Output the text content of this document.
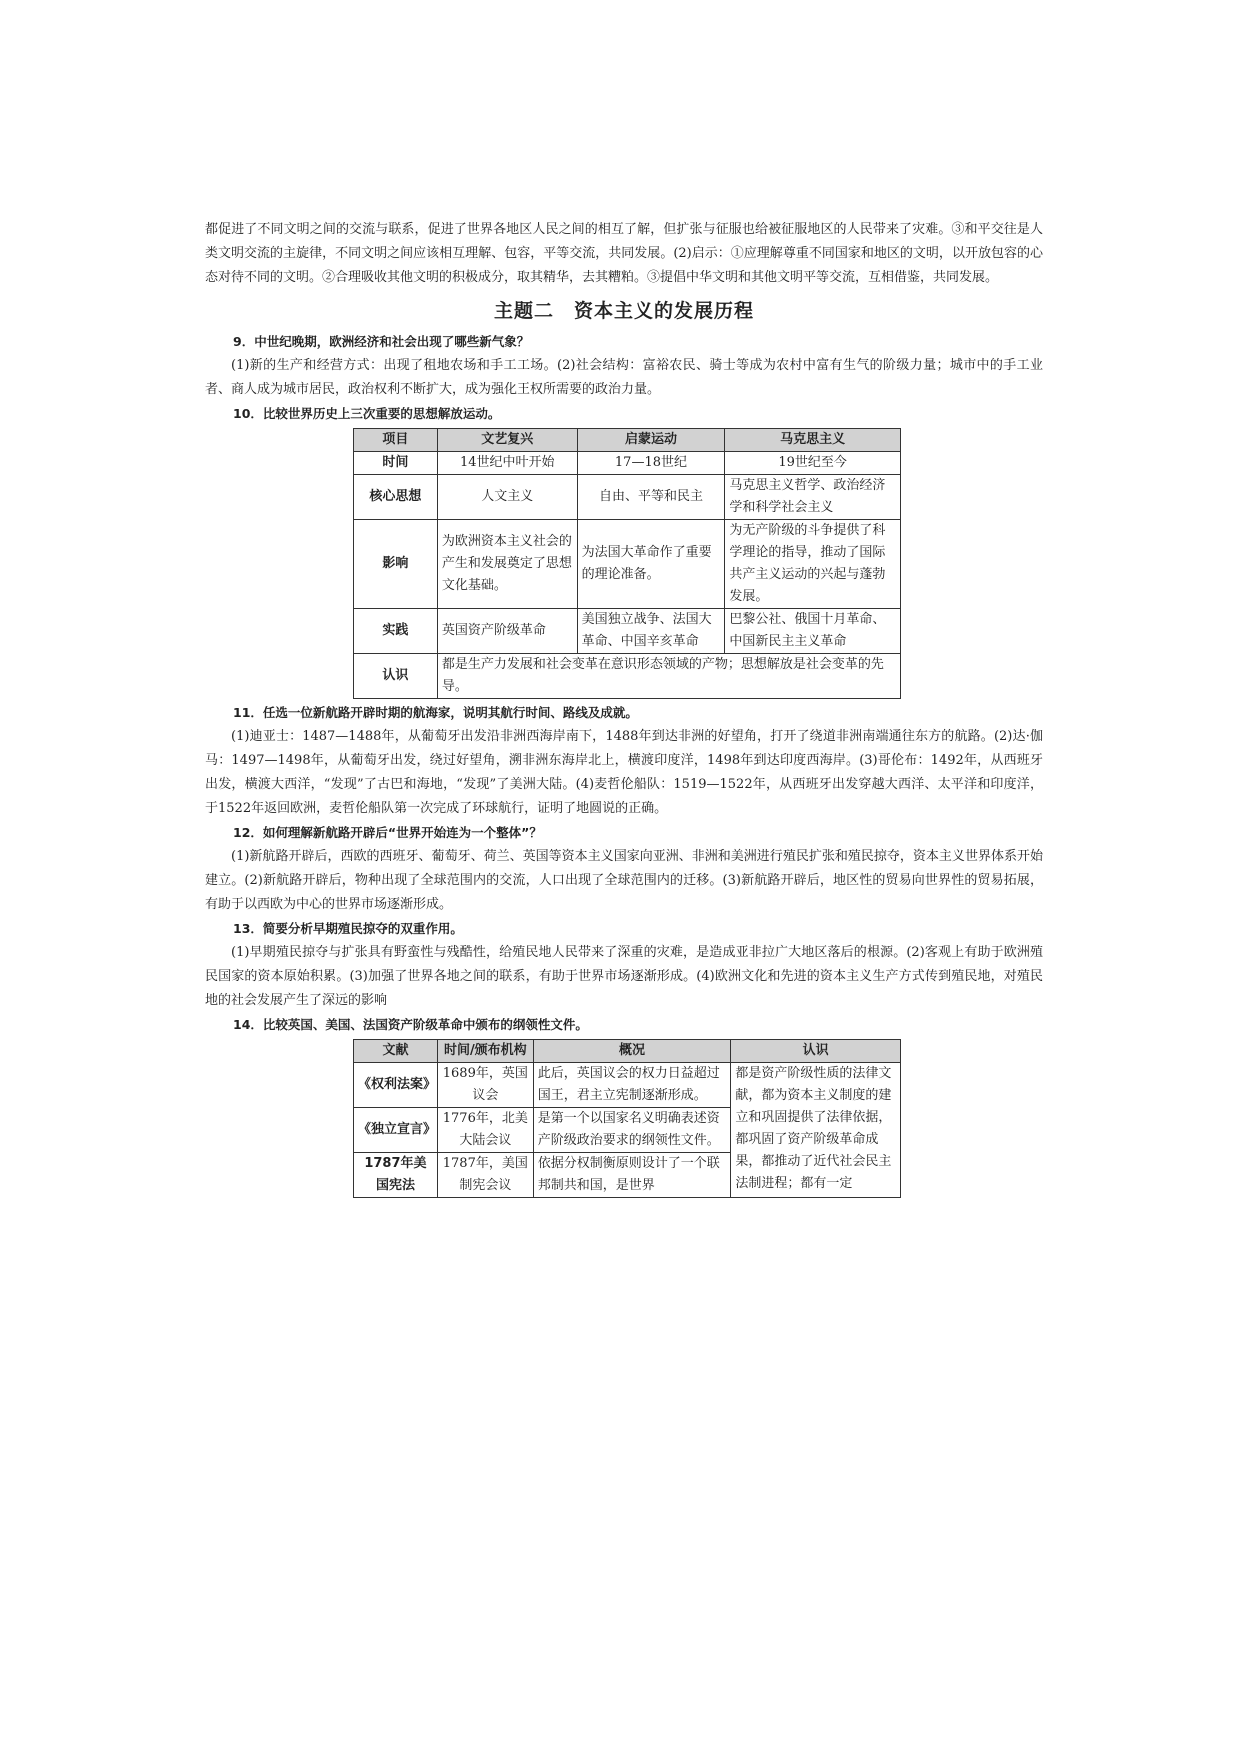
都促进了不同文明之间的交流与联系，促进了世界各地区人民之间的相互了解，但扩张与征服也给被征服地区的人民带来了灾难。③和平交往是人类文明交流的主旋律，不同文明之间应该相互理解、包容，平等交流，共同发展。(2)启示：①应理解尊重不同国家和地区的文明，以开放包容的心态对待不同的文明。②合理吸收其他文明的积极成分，取其精华，去其糟粕。③提倡中华文明和其他文明平等交流，互相借鉴，共同发展。

主题二　资本主义的发展历程

9．中世纪晚期，欧洲经济和社会出现了哪些新气象？

(1)新的生产和经营方式：出现了租地农场和手工工场。(2)社会结构：富裕农民、骑士等成为农村中富有生气的阶级力量；城市中的手工业者、商人成为城市居民，政治权利不断扩大，成为强化王权所需要的政治力量。

10．比较世界历史上三次重要的思想解放运动。

项目	文艺复兴	启蒙运动	马克思主义
时间	14世纪中叶开始	17—18世纪	19世纪至今
核心思想	人文主义	自由、平等和民主	马克思主义哲学、政治经济学和科学社会主义
影响	为欧洲资本主义社会的产生和发展奠定了思想文化基础。	为法国大革命作了重要的理论准备。	为无产阶级的斗争提供了科学理论的指导，推动了国际共产主义运动的兴起与蓬勃发展。
实践	英国资产阶级革命	美国独立战争、法国大革命、中国辛亥革命	巴黎公社、俄国十月革命、中国新民主主义革命
认识	都是生产力发展和社会变革在意识形态领域的产物；思想解放是社会变革的先导。		

11．任选一位新航路开辟时期的航海家，说明其航行时间、路线及成就。

(1)迪亚士：1487—1488年，从葡萄牙出发沿非洲西海岸南下，1488年到达非洲的好望角，打开了绕道非洲南端通往东方的航路。(2)达·伽马：1497—1498年，从葡萄牙出发，绕过好望角，溯非洲东海岸北上，横渡印度洋，1498年到达印度西海岸。(3)哥伦布：1492年，从西班牙出发，横渡大西洋，“发现”了古巴和海地，“发现”了美洲大陆。(4)麦哲伦船队：1519—1522年，从西班牙出发穿越大西洋、太平洋和印度洋，于1522年返回欧洲，麦哲伦船队第一次完成了环球航行，证明了地圆说的正确。

12．如何理解新航路开辟后“世界开始连为一个整体”？

(1)新航路开辟后，西欧的西班牙、葡萄牙、荷兰、英国等资本主义国家向亚洲、非洲和美洲进行殖民扩张和殖民掠夺，资本主义世界体系开始建立。(2)新航路开辟后，物种出现了全球范围内的交流，人口出现了全球范围内的迁移。(3)新航路开辟后，地区性的贸易向世界性的贸易拓展，有助于以西欧为中心的世界市场逐渐形成。

13．简要分析早期殖民掠夺的双重作用。

(1)早期殖民掠夺与扩张具有野蛮性与残酷性，给殖民地人民带来了深重的灾难，是造成亚非拉广大地区落后的根源。(2)客观上有助于欧洲殖民国家的资本原始积累。(3)加强了世界各地之间的联系，有助于世界市场逐渐形成。(4)欧洲文化和先进的资本主义生产方式传到殖民地，对殖民地的社会发展产生了深远的影响

14．比较英国、美国、法国资产阶级革命中颁布的纲领性文件。

文献	时间/颁布机构	概况	认识
《权利法案》	1689年，英国议会	此后，英国议会的权力日益超过国王，君主立宪制逐渐形成。	都是资产阶级性质的法律文献，都为资本主义制度的建立和巩固提供了法律依据，都巩固了资产阶级革命成果，都推动了近代社会民主法制进程；都有一定
《独立宣言》	1776年，北美大陆会议	是第一个以国家名义明确表述资产阶级政治要求的纲领性文件。	
1787年美国宪法	1787年，美国制宪会议	依据分权制衡原则设计了一个联邦制共和国，是世界	
